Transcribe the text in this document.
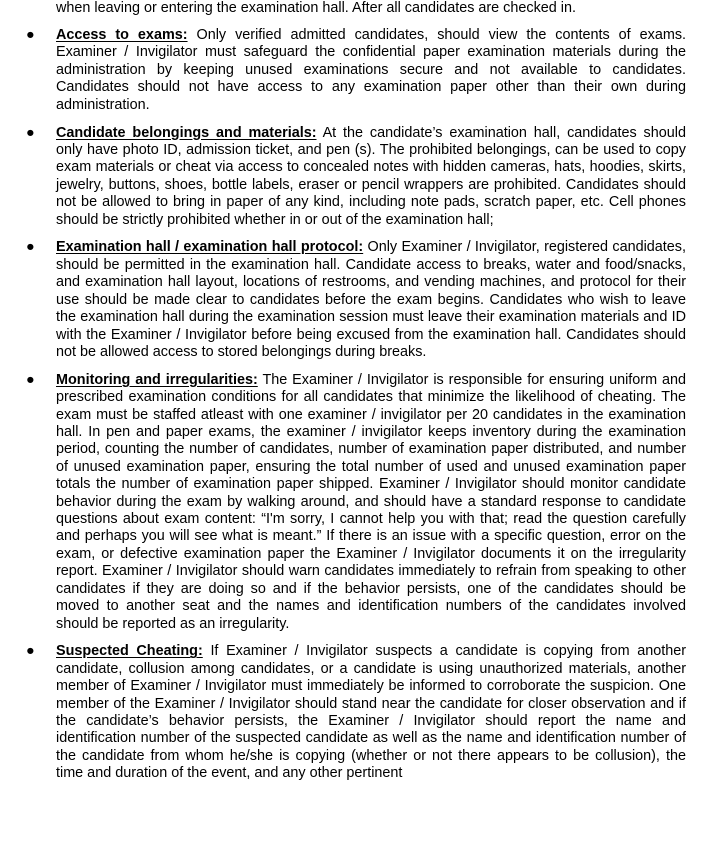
when leaving or entering the examination hall. After all candidates are checked in.
● Access to exams: Only verified admitted candidates, should view the contents of exams. Examiner / Invigilator must safeguard the confidential paper examination materials during the administration by keeping unused examinations secure and not available to candidates. Candidates should not have access to any examination paper other than their own during administration.
● Candidate belongings and materials: At the candidate’s examination hall, candidates should only have photo ID, admission ticket, and pen (s). The prohibited belongings, can be used to copy exam materials or cheat via access to concealed notes with hidden cameras, hats, hoodies, skirts, jewelry, buttons, shoes, bottle labels, eraser or pencil wrappers are prohibited. Candidates should not be allowed to bring in paper of any kind, including note pads, scratch paper, etc. Cell phones should be strictly prohibited whether in or out of the examination hall;
● Examination hall / examination hall protocol: Only Examiner / Invigilator, registered candidates, should be permitted in the examination hall. Candidate access to breaks, water and food/snacks, and examination hall layout, locations of restrooms, and vending machines, and protocol for their use should be made clear to candidates before the exam begins. Candidates who wish to leave the examination hall during the examination session must leave their examination materials and ID with the Examiner / Invigilator before being excused from the examination hall. Candidates should not be allowed access to stored belongings during breaks.
● Monitoring and irregularities: The Examiner / Invigilator is responsible for ensuring uniform and prescribed examination conditions for all candidates that minimize the likelihood of cheating. The exam must be staffed atleast with one examiner / invigilator per 20 candidates in the examination hall. In pen and paper exams, the examiner / invigilator keeps inventory during the examination period, counting the number of candidates, number of examination paper distributed, and number of unused examination paper, ensuring the total number of used and unused examination paper totals the number of examination paper shipped. Examiner / Invigilator should monitor candidate behavior during the exam by walking around, and should have a standard response to candidate questions about exam content: “I'm sorry, I cannot help you with that; read the question carefully and perhaps you will see what is meant.” If there is an issue with a specific question, error on the exam, or defective examination paper the Examiner / Invigilator documents it on the irregularity report. Examiner / Invigilator should warn candidates immediately to refrain from speaking to other candidates if they are doing so and if the behavior persists, one of the candidates should be moved to another seat and the names and identification numbers of the candidates involved should be reported as an irregularity.
● Suspected Cheating: If Examiner / Invigilator suspects a candidate is copying from another candidate, collusion among candidates, or a candidate is using unauthorized materials, another member of Examiner / Invigilator must immediately be informed to corroborate the suspicion. One member of the Examiner / Invigilator should stand near the candidate for closer observation and if the candidate’s behavior persists, the Examiner / Invigilator should report the name and identification number of the suspected candidate as well as the name and identification number of the candidate from whom he/she is copying (whether or not there appears to be collusion), the time and duration of the event, and any other pertinent
